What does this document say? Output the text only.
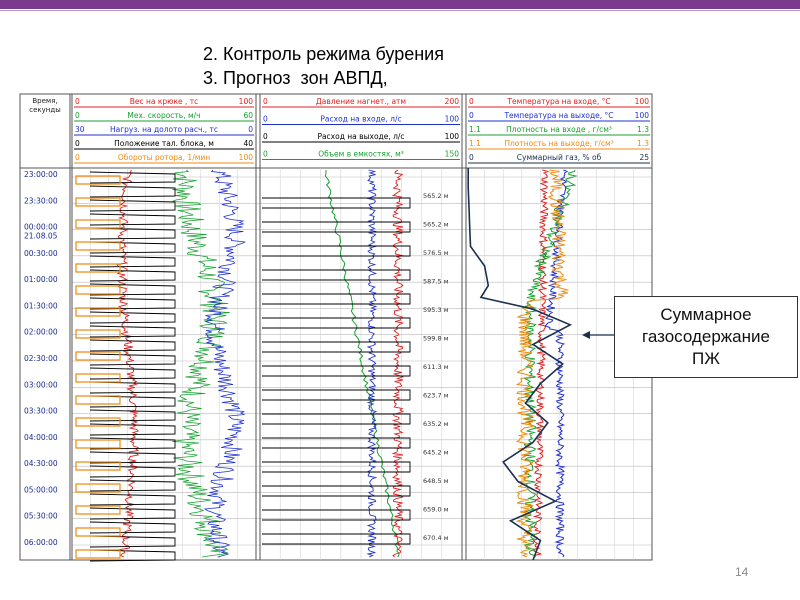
2. Контроль режима бурения
3. Прогноз  зон АВПД,
Время,
секунды
23:00:00
23:30:00
00:00:00
00:30:00
01:00:00
01:30:00
02:00:00
02:30:00
03:00:00
03:30:00
04:00:00
04:30:00
05:00:00
05:30:00
06:00:00
21.08.05
0	Вес на крюке , тс	100
0	Мех. скорость, м/ч	60
30	Нагруз. на долото расч., тс	0
0	Положение тал. блока, м	40
0	Обороты ротора, 1/мин	100
0	Давление нагнет., атм	200
0	Расход на входе, л/с	100
0	Расход на выходе, л/с	100
0	Объем в емкостях, м³	150
0	Температура на входе, °С	100
0	Температура на выходе, °С	100
1.1	Плотность на входе , г/см³	1.3
1.1	Плотность на выходе, г/см³	1.3
0	Суммарный газ, % об	25
565.2 м
565.2 м
576.5 м
587.5 м
595.3 м
599.8 м
611.3 м
623.7 м
635.2 м
645.2 м
648.5 м
659.0 м
670.4 м
Суммарное
газосодержание
ПЖ
14
